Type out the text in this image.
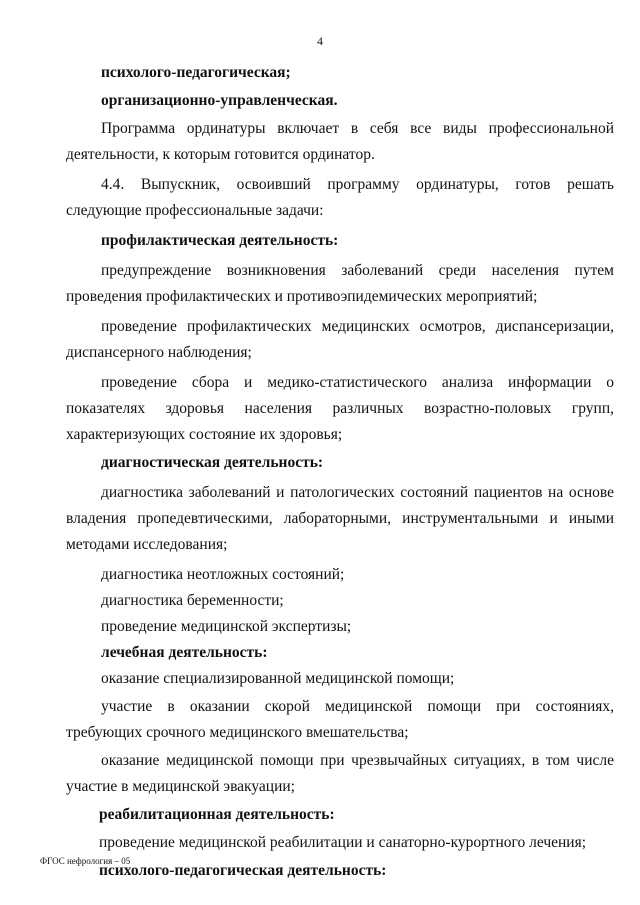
4

психолого-педагогическая;

организационно-управленческая.

Программа ординатуры включает в себя все виды профессиональной деятельности, к которым готовится ординатор.

4.4. Выпускник, освоивший программу ординатуры, готов решать следующие профессиональные задачи:

профилактическая деятельность:

предупреждение возникновения заболеваний среди населения путем проведения профилактических и противоэпидемических мероприятий;

проведение профилактических медицинских осмотров, диспансеризации, диспансерного наблюдения;

проведение сбора и медико-статистического анализа информации о показателях здоровья населения различных возрастно-половых групп, характеризующих состояние их здоровья;

диагностическая деятельность:

диагностика заболеваний и патологических состояний пациентов на основе владения пропедевтическими, лабораторными, инструментальными и иными методами исследования;

диагностика неотложных состояний;

диагностика беременности;

проведение медицинской экспертизы;

лечебная деятельность:

оказание специализированной медицинской помощи;

участие в оказании скорой медицинской помощи при состояниях, требующих срочного медицинского вмешательства;

оказание медицинской помощи при чрезвычайных ситуациях, в том числе участие в медицинской эвакуации;

реабилитационная деятельность:

проведение медицинской реабилитации и санаторно-курортного лечения;

психолого-педагогическая деятельность:

ФГОС нефрология – 05
